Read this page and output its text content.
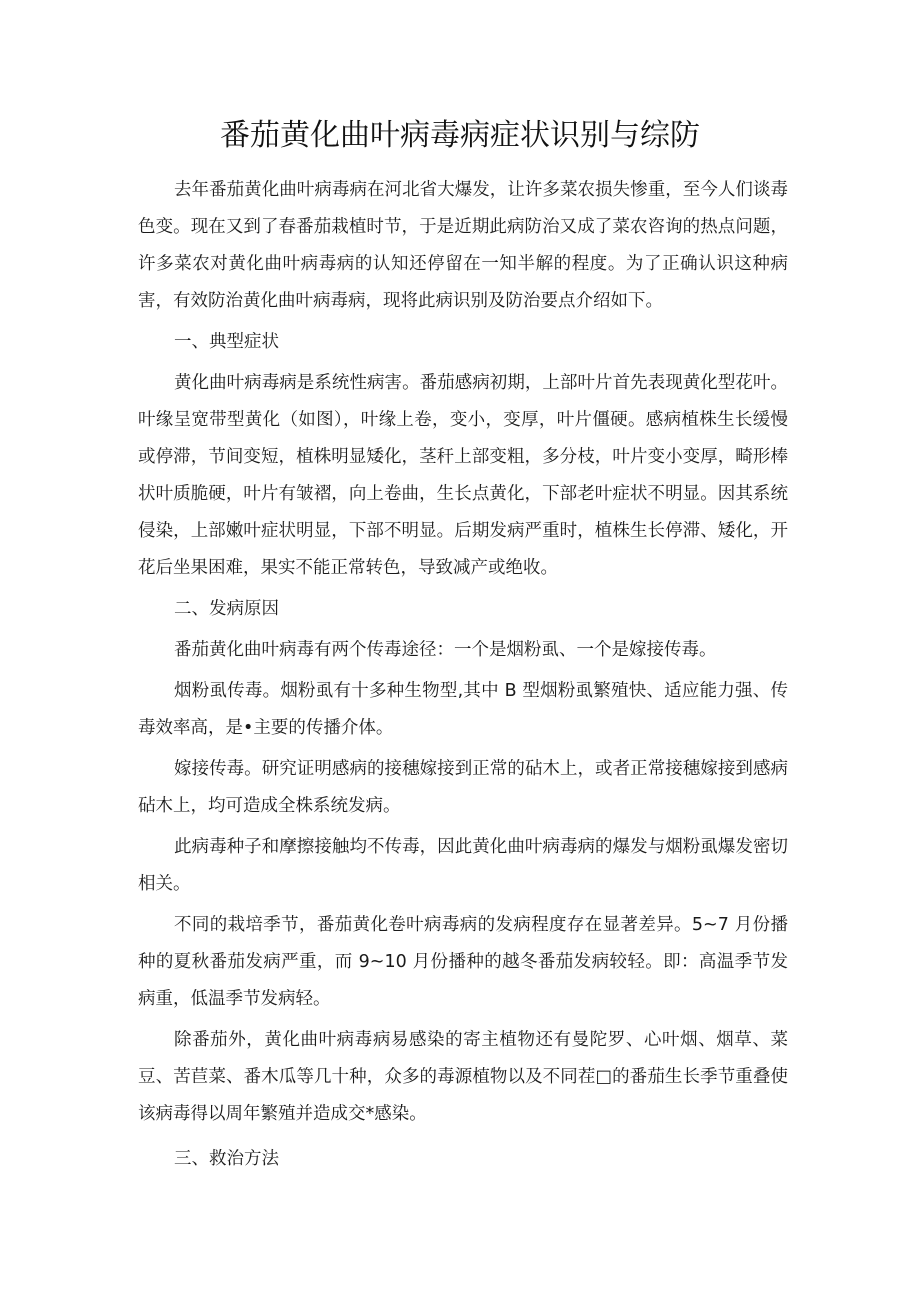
番茄黄化曲叶病毒病症状识别与综防

去年番茄黄化曲叶病毒病在河北省大爆发，让许多菜农损失惨重，至今人们谈毒色变。现在又到了春番茄栽植时节，于是近期此病防治又成了菜农咨询的热点问题，许多菜农对黄化曲叶病毒病的认知还停留在一知半解的程度。为了正确认识这种病害，有效防治黄化曲叶病毒病，现将此病识别及防治要点介绍如下。

一、典型症状

黄化曲叶病毒病是系统性病害。番茄感病初期，上部叶片首先表现黄化型花叶。叶缘呈宽带型黄化（如图），叶缘上卷，变小，变厚，叶片僵硬。感病植株生长缓慢或停滞，节间变短，植株明显矮化，茎秆上部变粗，多分枝，叶片变小变厚，畸形棒状叶质脆硬，叶片有皱褶，向上卷曲，生长点黄化，下部老叶症状不明显。因其系统侵染，上部嫩叶症状明显，下部不明显。后期发病严重时，植株生长停滞、矮化，开花后坐果困难，果实不能正常转色，导致减产或绝收。

二、发病原因

番茄黄化曲叶病毒有两个传毒途径：一个是烟粉虱、一个是嫁接传毒。

烟粉虱传毒。烟粉虱有十多种生物型,其中 B 型烟粉虱繁殖快、适应能力强、传毒效率高，是•主要的传播介体。

嫁接传毒。研究证明感病的接穗嫁接到正常的砧木上，或者正常接穗嫁接到感病砧木上，均可造成全株系统发病。

此病毒种子和摩擦接触均不传毒，因此黄化曲叶病毒病的爆发与烟粉虱爆发密切相关。

不同的栽培季节，番茄黄化卷叶病毒病的发病程度存在显著差异。5~7 月份播种的夏秋番茄发病严重，而 9~10 月份播种的越冬番茄发病较轻。即：高温季节发病重，低温季节发病轻。

除番茄外，黄化曲叶病毒病易感染的寄主植物还有曼陀罗、心叶烟、烟草、菜豆、苦苣菜、番木瓜等几十种，众多的毒源植物以及不同茬□的番茄生长季节重叠使该病毒得以周年繁殖并造成交*感染。

三、救治方法
